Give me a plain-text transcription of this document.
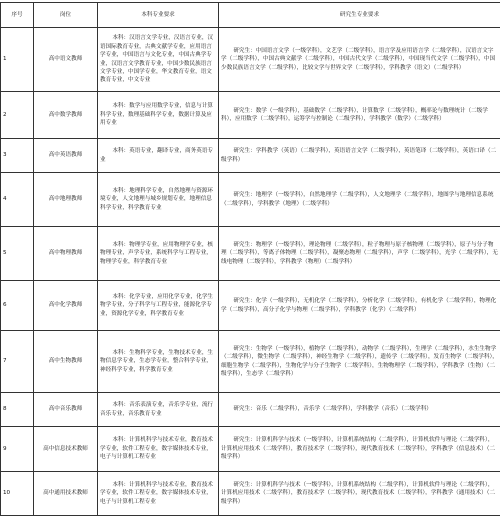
序号	岗位	本科专业要求	研究生专业要求
1	高中语文教师	本科：汉语言文学专业，汉语言专业，汉语国际教育专业，古典文献学专业，应用语言学专业，中国语言与文化专业，中国古典学专业，汉语言文学教育专业，中国少数民族语言文学专业，中国学专业，华文教育专业，语文教育专业，中文专业	研究生：中国语言文学（一级学科），文艺学（二级学科），语言学及应用语言学（二级学科），汉语言文字学（二级学科），中国古典文献学（二级学科），中国古代文学（二级学科），中国现当代文学（二级学科），中国少数民族语言文学（二级学科），比较文学与世界文学（二级学科），学科教学（语文）（二级学科）
2	高中数学教师	本科：数学与应用数学专业，信息与计算科学专业，数理基础科学专业，数据计算及应用专业	研究生：数学（一级学科），基础数学（二级学科），计算数学（二级学科），概率论与数理统计（二级学科），应用数学（二级学科），运筹学与控制论（二级学科），学科教学（数学）（二级学科）
3	高中英语教师	本科：英语专业，翻译专业，商务英语专业	研究生：学科教学（英语）（二级学科），英语语言文学（二级学科），英语笔译（二级学科），英语口译（二级学科）
4	高中地理教师	本科：地理科学专业，自然地理与资源环境专业，人文地理与城乡规划专业，地理信息科学专业，科学教育专业	研究生：地理学（一级学科），自然地理学（二级学科），人文地理学（二级学科），地图学与地理信息系统（二级学科），学科教学（地理）（二级学科）
5	高中物理教师	本科：物理学专业，应用物理学专业，核物理专业，声学专业，系统科学与工程专业，物理学专业，科学教育专业	研究生：物理学（一级学科），理论物理（二级学科），粒子物理与原子核物理（二级学科），原子与分子物理（二级学科），等离子体物理（二级学科），凝聚态物理（二级学科），声学（二级学科），光学（二级学科），无线电物理（二级学科），学科教学（物理）（二级学科）
6	高中化学教师	本科：化学专业，应用化学专业，化学生物学专业，分子科学与工程专业，能源化学专业，资源化学专业，科学教育专业	研究生：化学（一级学科），无机化学（二级学科），分析化学（二级学科），有机化学（二级学科），物理化学（二级学科），高分子化学与物理（二级学科），学科教学（化学）（二级学科）
7	高中生物教师	本科：生物科学专业，生物技术专业，生物信息学专业，生态学专业，整合科学专业，神经科学专业，科学教育专业	研究生：生物学（一级学科），植物学（二级学科），动物学（二级学科），生理学（二级学科），水生生物学（二级学科），微生物学（二级学科），神经生物学（二级学科），遗传学（二级学科），发育生物学（二级学科），细胞生物学（二级学科），生物化学与分子生物学（二级学科），生物物理学（二级学科），学科教学（生物）（二级学科），生态学（二级学科）
8	高中音乐教师	本科：音乐表演专业，音乐学专业，流行音乐专业，音乐教育专业	研究生：音乐（二级学科），音乐学（二级学科），学科教学（音乐）（二级学科）
9	高中信息技术教师	本科：计算机科学与技术专业，教育技术学专业，软件工程专业，数字媒体技术专业，电子与计算机工程专业	研究生：计算机科学与技术（一级学科），计算机系统结构（二级学科），计算机软件与理论（二级学科），计算机应用技术（二级学科），教育技术学（二级学科），现代教育技术（二级学科），学科教学（信息技术）（二级学科）
10	高中通用技术教师	本科：计算机科学与技术专业，教育技术学专业，软件工程专业，数字媒体技术专业，电子与计算机工程专业	研究生：计算机科学与技术（一级学科），计算机系统结构（二级学科），计算机软件与理论（二级学科），计算机应用技术（二级学科），教育技术学（二级学科），现代教育技术（二级学科），学科教学（通用技术）（二级学科）
